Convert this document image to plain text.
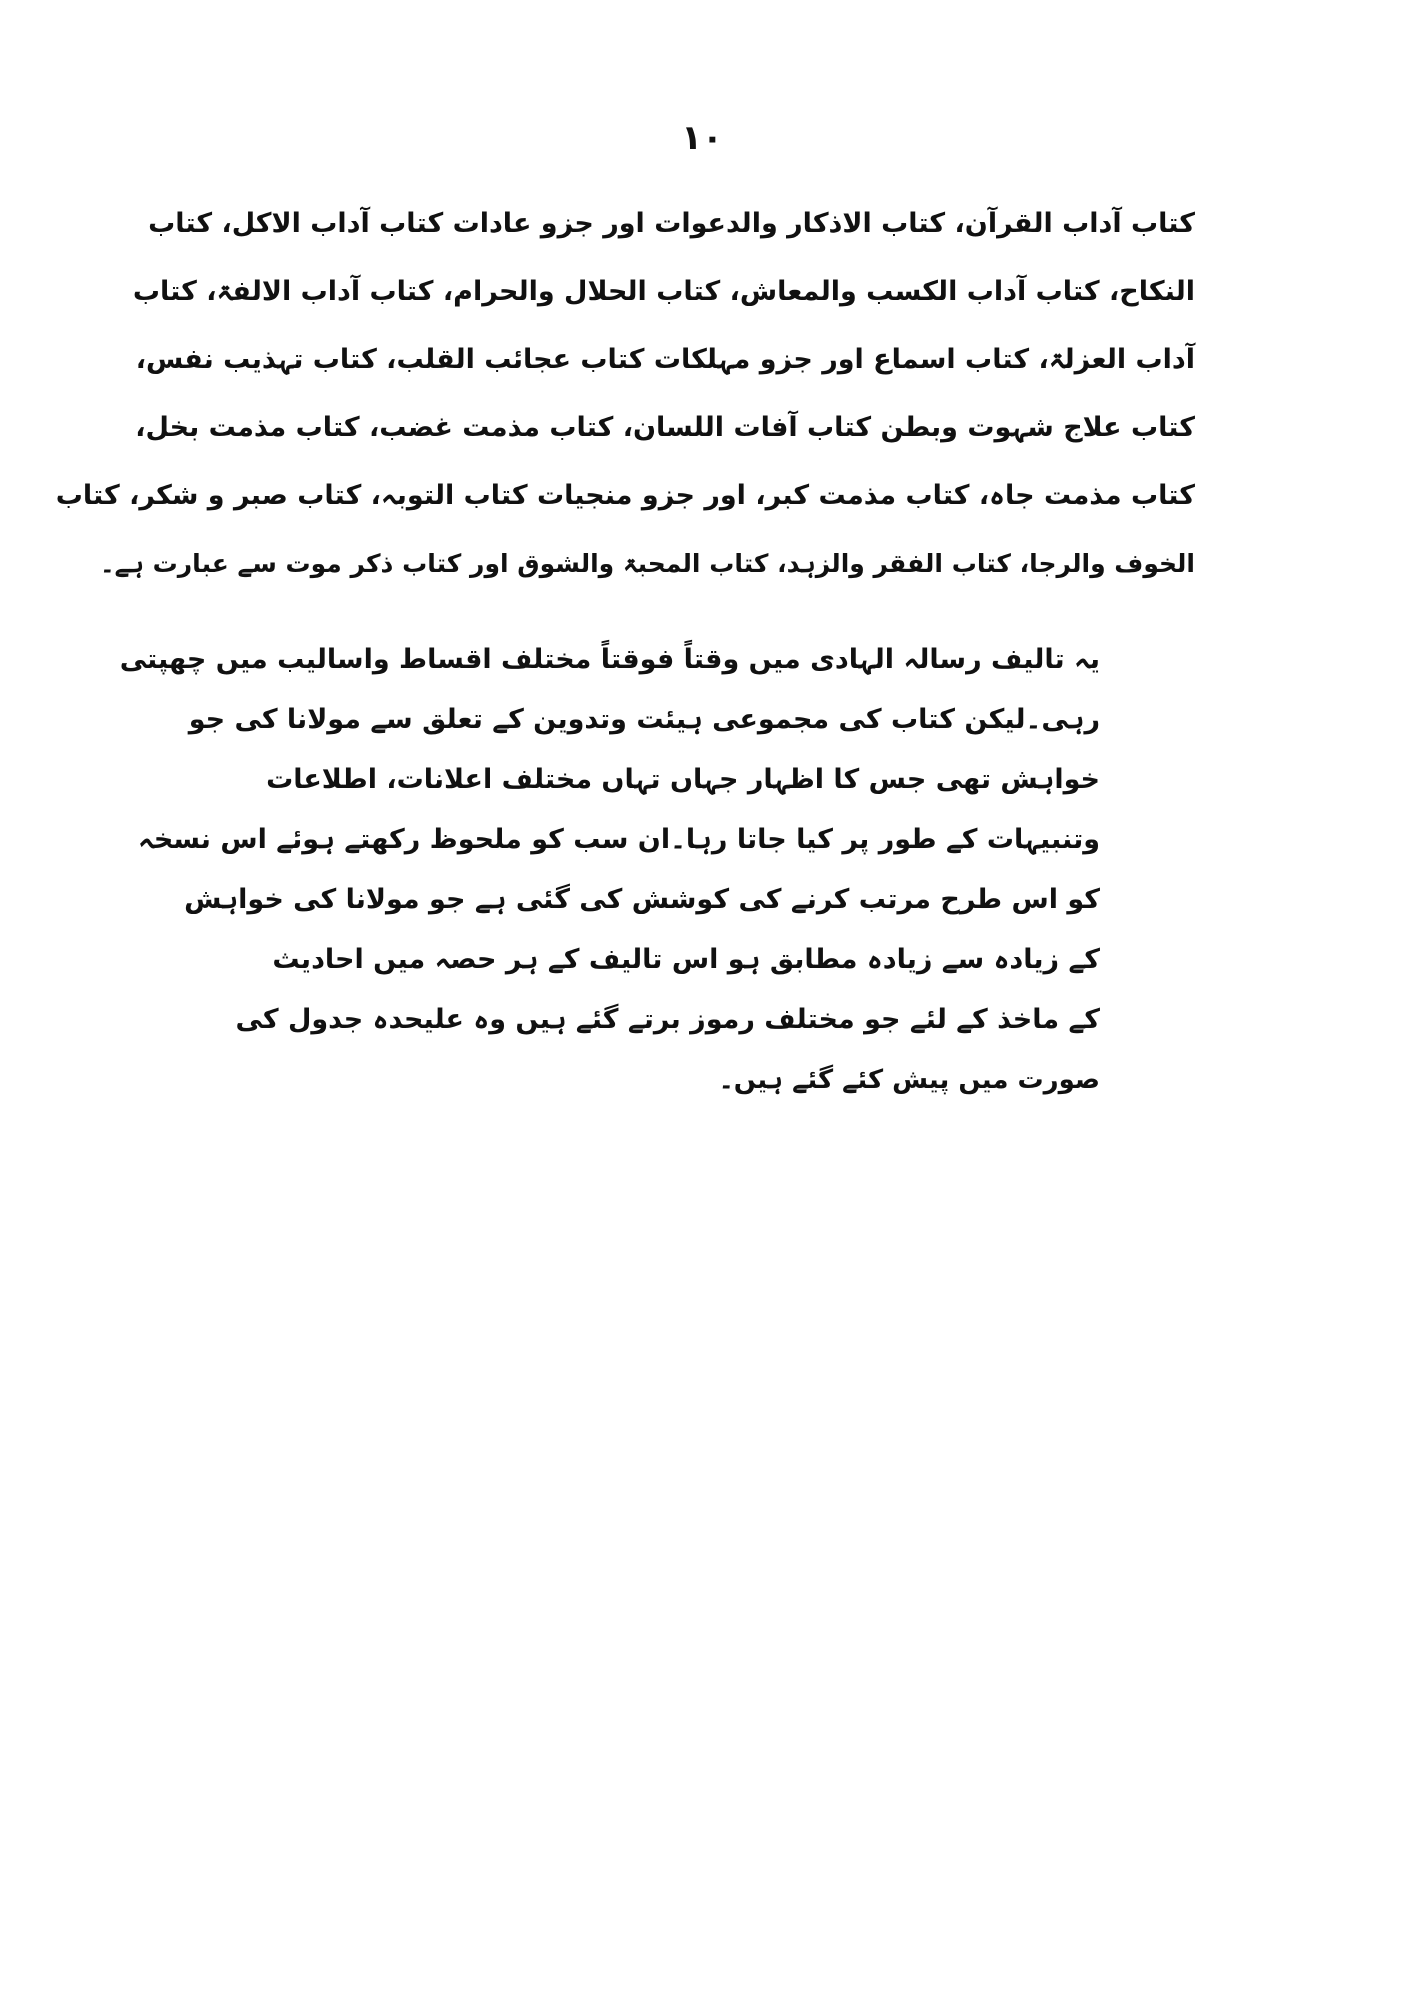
۱۰
کتاب آداب القرآن، کتاب الاذکار والدعوات اور جزو عادات کتاب آداب الاکل، کتاب
النکاح، کتاب آداب الکسب والمعاش، کتاب الحلال والحرام، کتاب آداب الالفۃ، کتاب
آداب العزلۃ، کتاب اسماع اور جزو مہلکات کتاب عجائب القلب، کتاب تہذیب نفس،
کتاب علاج شہوت وبطن کتاب آفات اللسان، کتاب مذمت غضب، کتاب مذمت بخل،
کتاب مذمت جاہ، کتاب مذمت کبر، اور جزو منجیات کتاب التوبہ، کتاب صبر و شکر، کتاب
الخوف والرجا، کتاب الفقر والزہد، کتاب المحبۃ والشوق اور کتاب ذکر موت سے عبارت ہے۔
یہ تالیف رسالہ الہادی میں وقتاً فوقتاً مختلف اقساط واسالیب میں چھپتی
رہی۔لیکن کتاب کی مجموعی ہیئت وتدوین کے تعلق سے مولانا کی جو
خواہش تھی جس کا اظہار جہاں تہاں مختلف اعلانات، اطلاعات
وتنبیہات کے طور پر کیا جاتا رہا۔ان سب کو ملحوظ رکھتے ہوئے اس نسخہ
کو اس طرح مرتب کرنے کی کوشش کی گئی ہے جو مولانا کی خواہش
کے زیادہ سے زیادہ مطابق ہو اس تالیف کے ہر حصہ میں احادیث
کے ماخذ کے لئے جو مختلف رموز برتے گئے ہیں وہ علیحدہ جدول کی
صورت میں پیش کئے گئے ہیں۔
